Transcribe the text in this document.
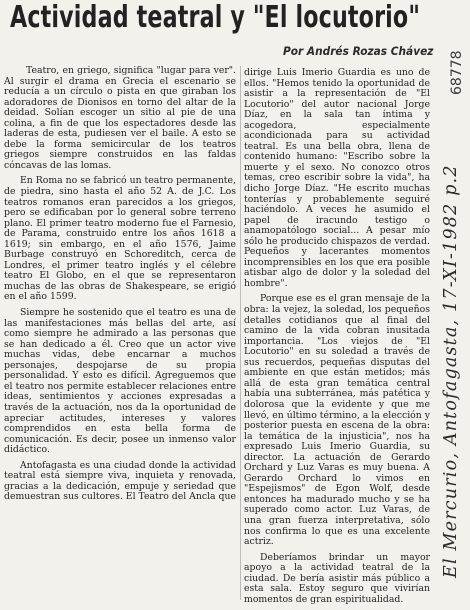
Actividad teatral y "El locutorio"
Por Andrés Rozas Chávez

Teatro, en griego, significa "lugar para ver". Al surgir el drama en Grecia el escenario se reducía a un círculo o pista en que giraban los adoradores de Dionisos en torno del altar de la deidad. Solían escoger un sitio al pie de una colina, a fin de que los espectadores desde las laderas de esta, pudiesen ver el baile. A esto se debe la forma semicircular de los teatros griegos siempre construidos en las faldas cóncavas de las lomas.

En Roma no se fabricó un teatro permanente, de piedra, sino hasta el año 52 A. de J.C. Los teatros romanos eran parecidos a los griegos, pero se edificaban por lo general sobre terreno plano. El primer teatro moderno fue el Farnesio, de Parama, construido entre los años 1618 a 1619; sin embargo, en el año 1576, Jaime Burbage construyó en Schoreditch, cerca de Londres, el primer teatro inglés y el célebre teatro El Globo, en el que se representaron muchas de las obras de Shakespeare, se erigió en el año 1599.

Siempre he sostenido que el teatro es una de las manifestaciones más bellas del arte, así como siempre he admirado a las personas que se han dedicado a él. Creo que un actor vive muchas vidas, debe encarnar a muchos personajes, despojarse de su propia personalidad. Y esto es difícil. Agreguemos que el teatro nos permite establecer relaciones entre ideas, sentimientos y acciones expresadas a través de la actuación, nos da la oportunidad de apreciar actitudes, intereses y valores comprendidos en esta bella forma de comunicación. Es decir, posee un inmenso valor didáctico.

Antofagasta es una ciudad donde la actividad teatral está siempre viva, inquieta y renovada, gracias a la dedicación, empuje y seriedad que demuestran sus cultores. El Teatro del Ancla que

dirige Luis Imerio Guardia es uno de ellos. "Hemos tenido la oportunidad de asistir a la representación de "El Locutorio" del autor nacional Jorge Díaz, en la sala tan íntima y acogedora, especialmente acondicionada para su actividad teatral. Es una bella obra, llena de contenido humano: "Escribo sobre la muerte y el sexo. No conozco otros temas, creo escribir sobre la vida", ha dicho Jorge Díaz. "He escrito muchas tonterías y probablemente seguiré haciéndolo. A veces he asumido el papel de iracundo testigo o anamopatólogo social... A pesar mío sólo he producido chispazos de verdad. Pequeños y lacerantes momentos incomprensibles en los que era posible atisbar algo de dolor y la soledad del hombre".

Porque ese es el gran mensaje de la obra: la vejez, la soledad, los pequeños detalles cotidianos que al final del camino de la vida cobran inusitada importancia. "Los viejos de "El Locutorio" en su soledad a través de sus recuerdos, pequeñas disputas del ambiente en que están metidos; más allá de esta gran temática central había una subterránea, más patética y dolorosa que la evidente y que me llevó, en último término, a la elección y posterior puesta en escena de la obra: la temática de la injusticia", nos ha expresado Luis Imerio Guardia, su director. La actuación de Gerardo Orchard y Luz Varas es muy buena. A Gerardo Orchard lo vimos en "Espejismos" de Egon Wolf, desde entonces ha madurado mucho y se ha superado como actor. Luz Varas, de una gran fuerza interpretativa, sólo nos confirma lo que es una excelente actriz.

Deberíamos brindar un mayor apoyo a la actividad teatral de la ciudad. De bería asistir más público a esta sala. Estoy seguro que vivirían momentos de gran espiritualidad.

El Mercurio, Antofagasta, 17-XI-1982 p.2
68778
